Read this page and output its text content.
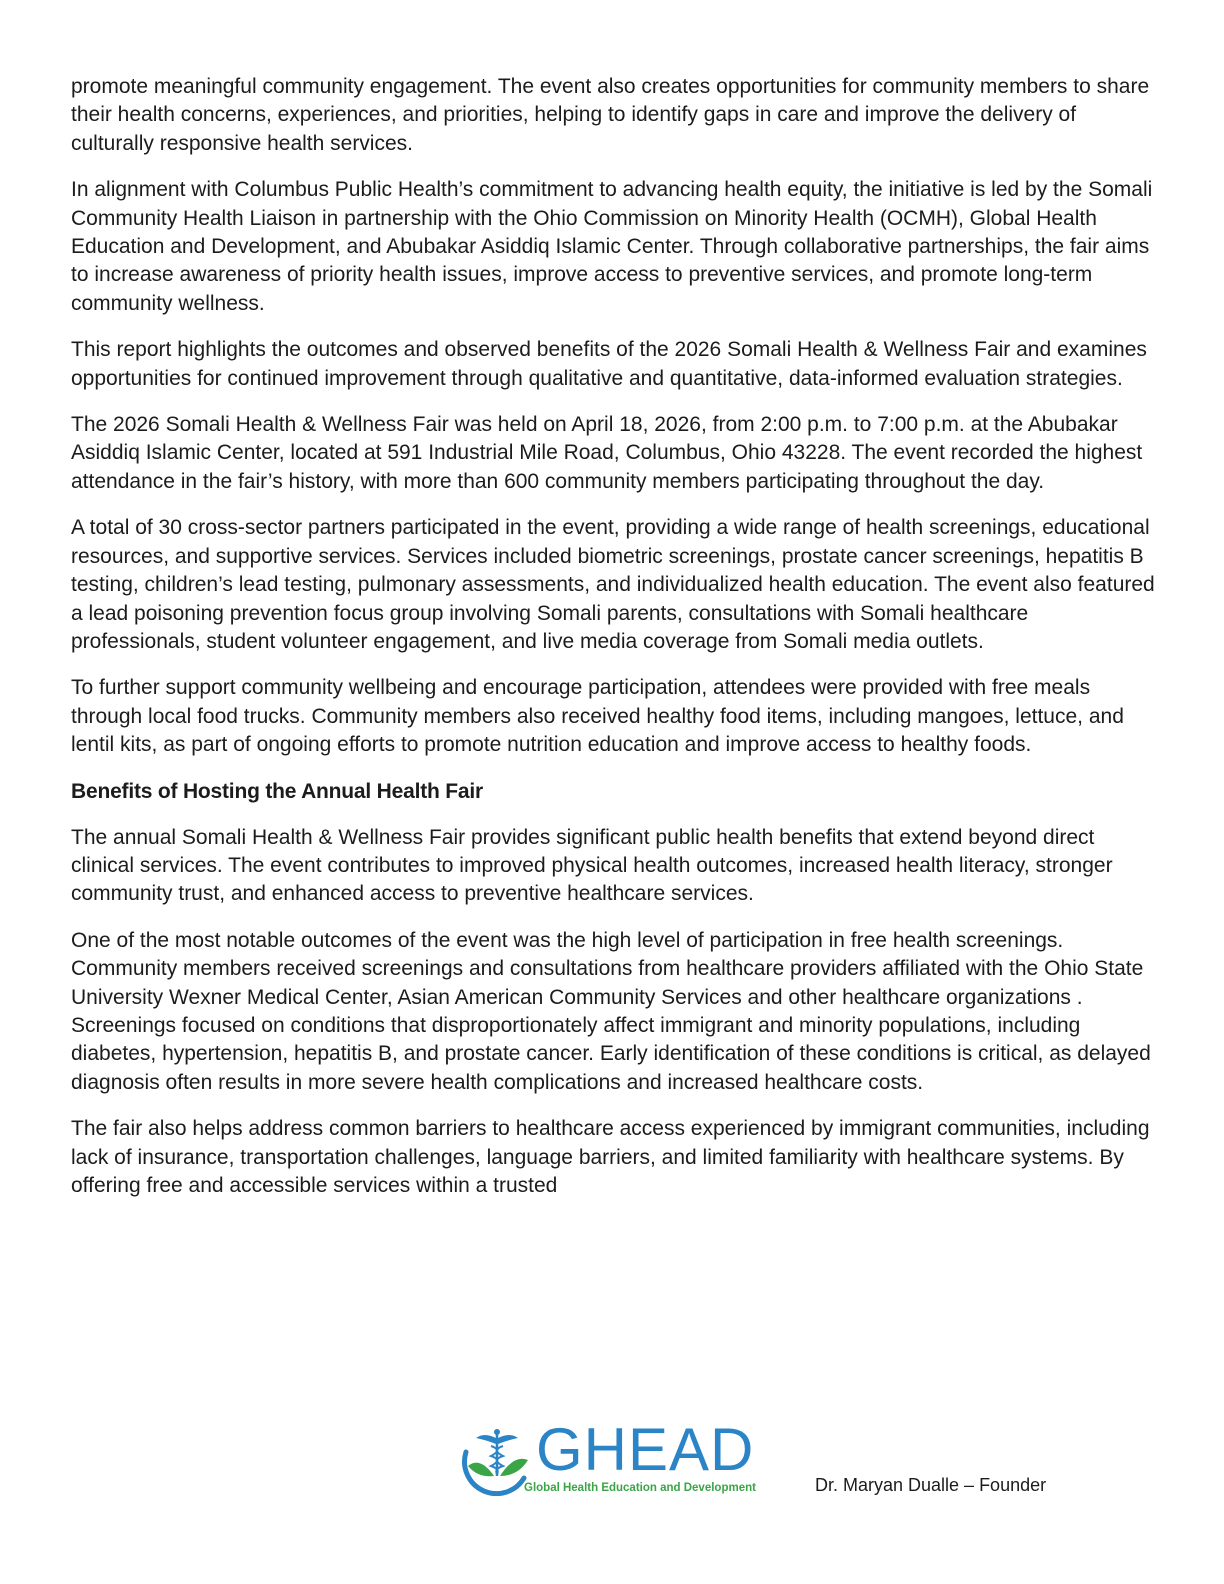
promote meaningful community engagement. The event also creates opportunities for community members to share their health concerns, experiences, and priorities, helping to identify gaps in care and improve the delivery of culturally responsive health services.

In alignment with Columbus Public Health’s commitment to advancing health equity, the initiative is led by the Somali Community Health Liaison in partnership with the Ohio Commission on Minority Health (OCMH), Global Health Education and Development, and Abubakar Asiddiq Islamic Center. Through collaborative partnerships, the fair aims to increase awareness of priority health issues, improve access to preventive services, and promote long-term community wellness.

This report highlights the outcomes and observed benefits of the 2026 Somali Health & Wellness Fair and examines opportunities for continued improvement through qualitative and quantitative, data-informed evaluation strategies.

The 2026 Somali Health & Wellness Fair was held on April 18, 2026, from 2:00 p.m. to 7:00 p.m. at the Abubakar Asiddiq Islamic Center, located at 591 Industrial Mile Road, Columbus, Ohio 43228. The event recorded the highest attendance in the fair’s history, with more than 600 community members participating throughout the day.

A total of 30 cross-sector partners participated in the event, providing a wide range of health screenings, educational resources, and supportive services. Services included biometric screenings, prostate cancer screenings, hepatitis B testing, children’s lead testing, pulmonary assessments, and individualized health education. The event also featured a lead poisoning prevention focus group involving Somali parents, consultations with Somali healthcare professionals, student volunteer engagement, and live media coverage from Somali media outlets.

To further support community wellbeing and encourage participation, attendees were provided with free meals through local food trucks. Community members also received healthy food items, including mangoes, lettuce, and lentil kits, as part of ongoing efforts to promote nutrition education and improve access to healthy foods.

Benefits of Hosting the Annual Health Fair

The annual Somali Health & Wellness Fair provides significant public health benefits that extend beyond direct clinical services. The event contributes to improved physical health outcomes, increased health literacy, stronger community trust, and enhanced access to preventive healthcare services.

One of the most notable outcomes of the event was the high level of participation in free health screenings. Community members received screenings and consultations from healthcare providers affiliated with the Ohio State University Wexner Medical Center, Asian American Community Services and other healthcare organizations . Screenings focused on conditions that disproportionately affect immigrant and minority populations, including diabetes, hypertension, hepatitis B, and prostate cancer. Early identification of these conditions is critical, as delayed diagnosis often results in more severe health complications and increased healthcare costs.

The fair also helps address common barriers to healthcare access experienced by immigrant communities, including lack of insurance, transportation challenges, language barriers, and limited familiarity with healthcare systems. By offering free and accessible services within a trusted

GHEAD
Global Health Education and Development	Dr. Maryan Dualle – Founder
